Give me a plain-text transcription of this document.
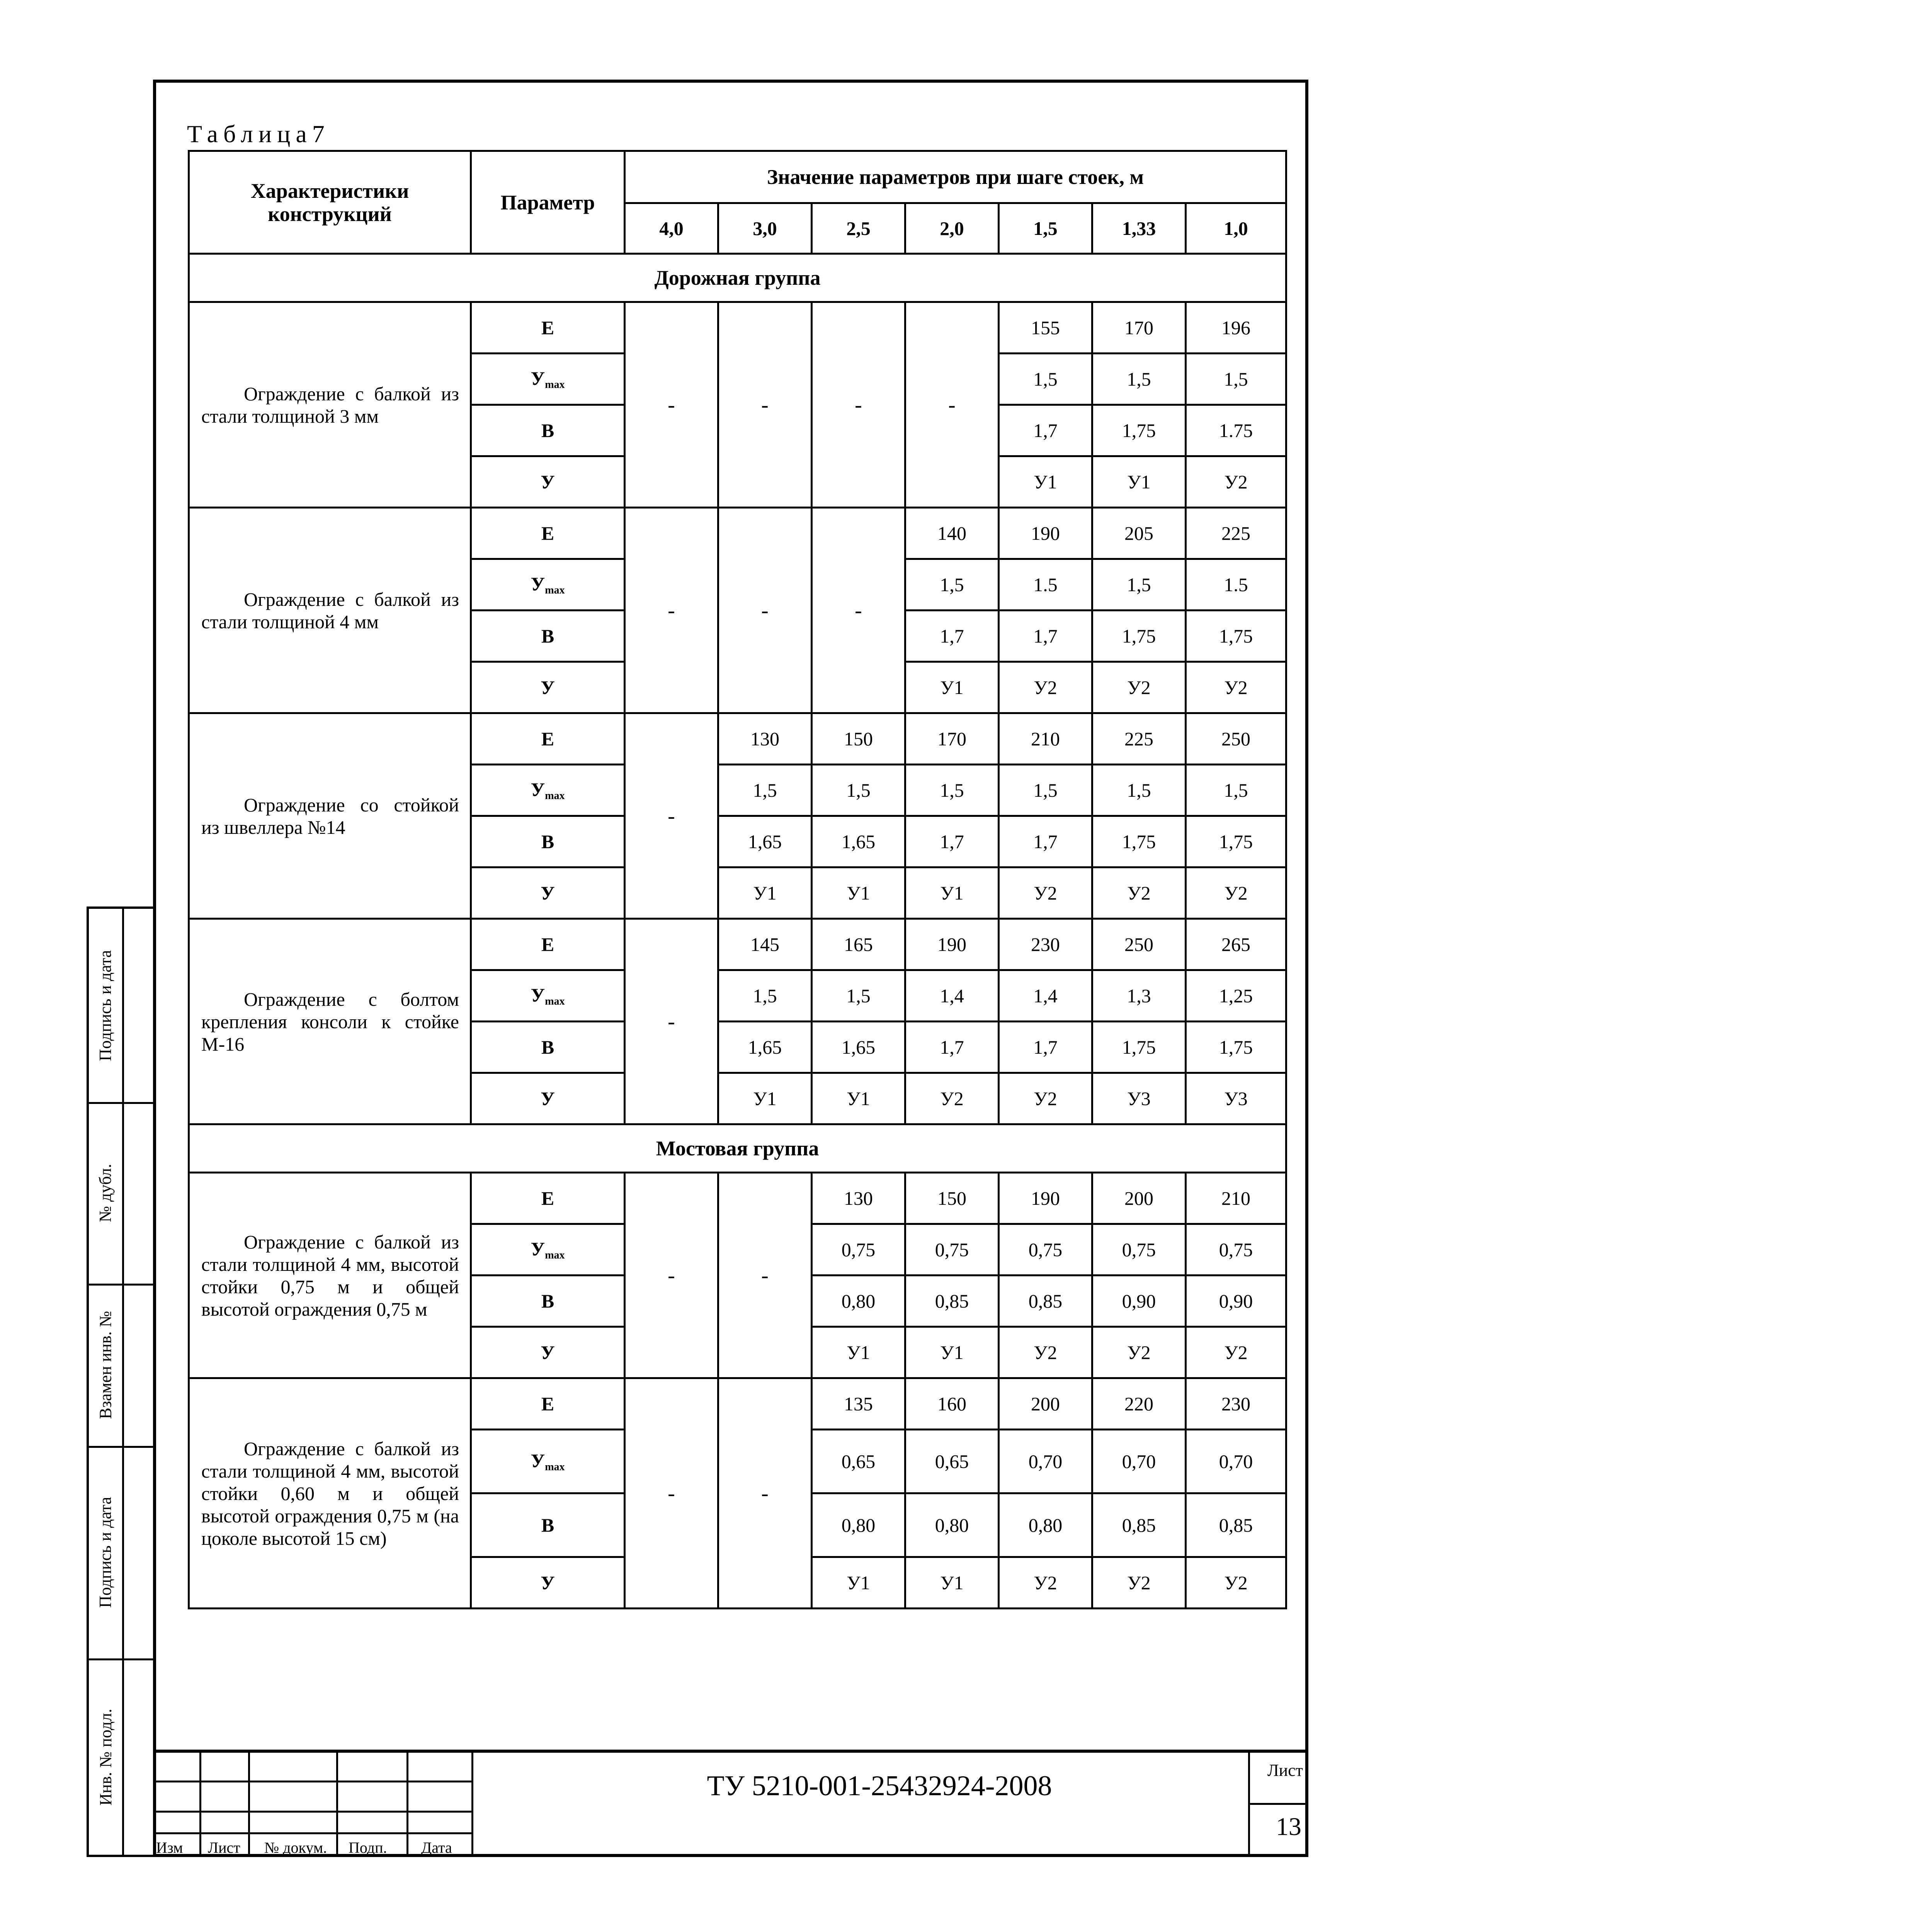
Таблица7
Характеристики конструкций	Параметр	Значение параметров при шаге стоек, м						
		4,0	3,0	2,5	2,0	1,5	1,33	1,0
Дорожная группа								
Ограждение с балкой из стали толщиной 3 мм	Е	-	-	-	-	155	170	196
	$У_{max}$					1,5	1,5	1,5
	В					1,7	1,75	1.75
	У					У1	У1	У2
Ограждение с балкой из стали толщиной 4 мм	Е	-	-	-	140	190	205	225
	$У_{max}$				1,5	1.5	1,5	1.5
	В				1,7	1,7	1,75	1,75
	У				У1	У2	У2	У2
Ограждение со стойкой из швеллера №14	Е	-	130	150	170	210	225	250
	$У_{max}$		1,5	1,5	1,5	1,5	1,5	1,5
	В		1,65	1,65	1,7	1,7	1,75	1,75
	У		У1	У1	У1	У2	У2	У2
Ограждение с болтом крепления консоли к стойке М-16	Е	-	145	165	190	230	250	265
	$У_{max}$		1,5	1,5	1,4	1,4	1,3	1,25
	В		1,65	1,65	1,7	1,7	1,75	1,75
	У		У1	У1	У2	У2	У3	У3
Мостовая группа								
Ограждение с балкой из стали толщиной 4 мм, высотой стойки 0,75 м и общей высотой ограждения 0,75 м	Е	-	-	130	150	190	200	210
	$У_{max}$			0,75	0,75	0,75	0,75	0,75
	В			0,80	0,85	0,85	0,90	0,90
	У			У1	У1	У2	У2	У2
Ограждение с балкой из стали толщиной 4 мм, высотой стойки 0,60 м и общей высотой ограждения 0,75 м (на цоколе высотой 15 см)	Е	-	-	135	160	200	220	230
	$У_{max}$			0,65	0,65	0,70	0,70	0,70
	В			0,80	0,80	0,80	0,85	0,85
	У			У1	У1	У2	У2	У2
Подпись и дата
№ дубл.
Взамен инв. №
Подпись и дата
Инв. № подл.
Изм Лист № докум. Подп. Дата
ТУ 5210-001-25432924-2008	Лист
13
